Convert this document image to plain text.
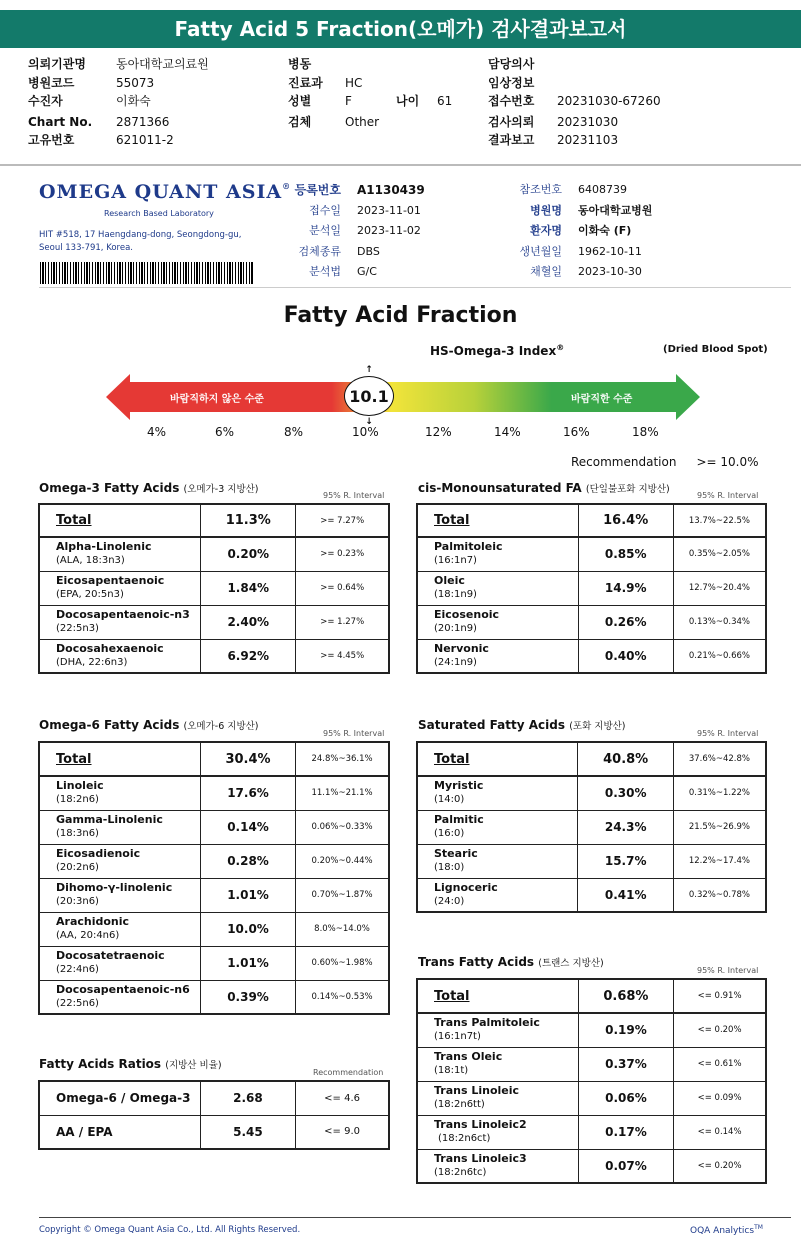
Fatty Acid 5 Fraction(오메가) 검사결과보고서
의뢰기관명	동아대학교의료원
병원코드	55073
수진자	이화숙
Chart No.	2871366
고유번호	621011-2
병동
진료과	HC
성별	F	나이	61
검체	Other
담당의사
임상정보
접수번호	20231030-67260
검사의뢰	20231030
결과보고	20231103
OMEGA QUANT ASIA®
Research Based Laboratory
HIT #518, 17 Haengdang-dong, Seongdong-gu, Seoul 133-791, Korea.
등록번호	A1130439
접수일	2023-11-01
분석일	2023-11-02
검체종류	DBS
분석법	G/C
참조번호	6408739
병원명	동아대학교병원
환자명	이화숙 (F)
생년월일	1962-10-11
채혈일	2023-10-30
Fatty Acid Fraction
HS-Omega-3 Index®	(Dried Blood Spot)
바람직하지 않은 수준	바람직한 수준
↑
10.1
↓
4%	6%	8%	10%	12%	14%	16%	18%
Recommendation >= 10.0%
Omega-3 Fatty Acids (오메가-3 지방산)
95% R. Interval
Total	11.3%	>= 7.27%

Alpha-Linolenic
(ALA, 18:3n3)	0.20%	>= 0.23%

Eicosapentaenoic
(EPA, 20:5n3)	1.84%	>= 0.64%

Docosapentaenoic-n3
(22:5n3)	2.40%	>= 1.27%

Docosahexaenoic
(DHA, 22:6n3)	6.92%	>= 4.45%
cis-Monounsaturated FA (단일불포화 지방산)
95% R. Interval
Total	16.4%	13.7%~22.5%

Palmitoleic
(16:1n7)	0.85%	0.35%~2.05%

Oleic
(18:1n9)	14.9%	12.7%~20.4%

Eicosenoic
(20:1n9)	0.26%	0.13%~0.34%

Nervonic
(24:1n9)	0.40%	0.21%~0.66%
Omega-6 Fatty Acids (오메가-6 지방산)
95% R. Interval
Total	30.4%	24.8%~36.1%

Linoleic
(18:2n6)	17.6%	11.1%~21.1%

Gamma-Linolenic
(18:3n6)	0.14%	0.06%~0.33%

Eicosadienoic
(20:2n6)	0.28%	0.20%~0.44%

Dihomo-γ-linolenic
(20:3n6)	1.01%	0.70%~1.87%

Arachidonic
(AA, 20:4n6)	10.0%	8.0%~14.0%

Docosatetraenoic
(22:4n6)	1.01%	0.60%~1.98%

Docosapentaenoic-n6
(22:5n6)	0.39%	0.14%~0.53%
Saturated Fatty Acids (포화 지방산)
95% R. Interval
Total	40.8%	37.6%~42.8%

Myristic
(14:0)	0.30%	0.31%~1.22%

Palmitic
(16:0)	24.3%	21.5%~26.9%

Stearic
(18:0)	15.7%	12.2%~17.4%

Lignoceric
(24:0)	0.41%	0.32%~0.78%
Trans Fatty Acids (트랜스 지방산)
95% R. Interval
Total	0.68%	<= 0.91%

Trans Palmitoleic
(16:1n7t)	0.19%	<= 0.20%

Trans Oleic
(18:1t)	0.37%	<= 0.61%

Trans Linoleic
(18:2n6tt)	0.06%	<= 0.09%

Trans Linoleic2
(18:2n6ct)	0.17%	<= 0.14%

Trans Linoleic3
(18:2n6tc)	0.07%	<= 0.20%
Fatty Acids Ratios (지방산 비율)
Recommendation
Omega-6 / Omega-3	2.68	<= 4.6
AA / EPA	5.45	<= 9.0
Copyright © Omega Quant Asia Co., Ltd. All Rights Reserved.	OQA Analytics™
